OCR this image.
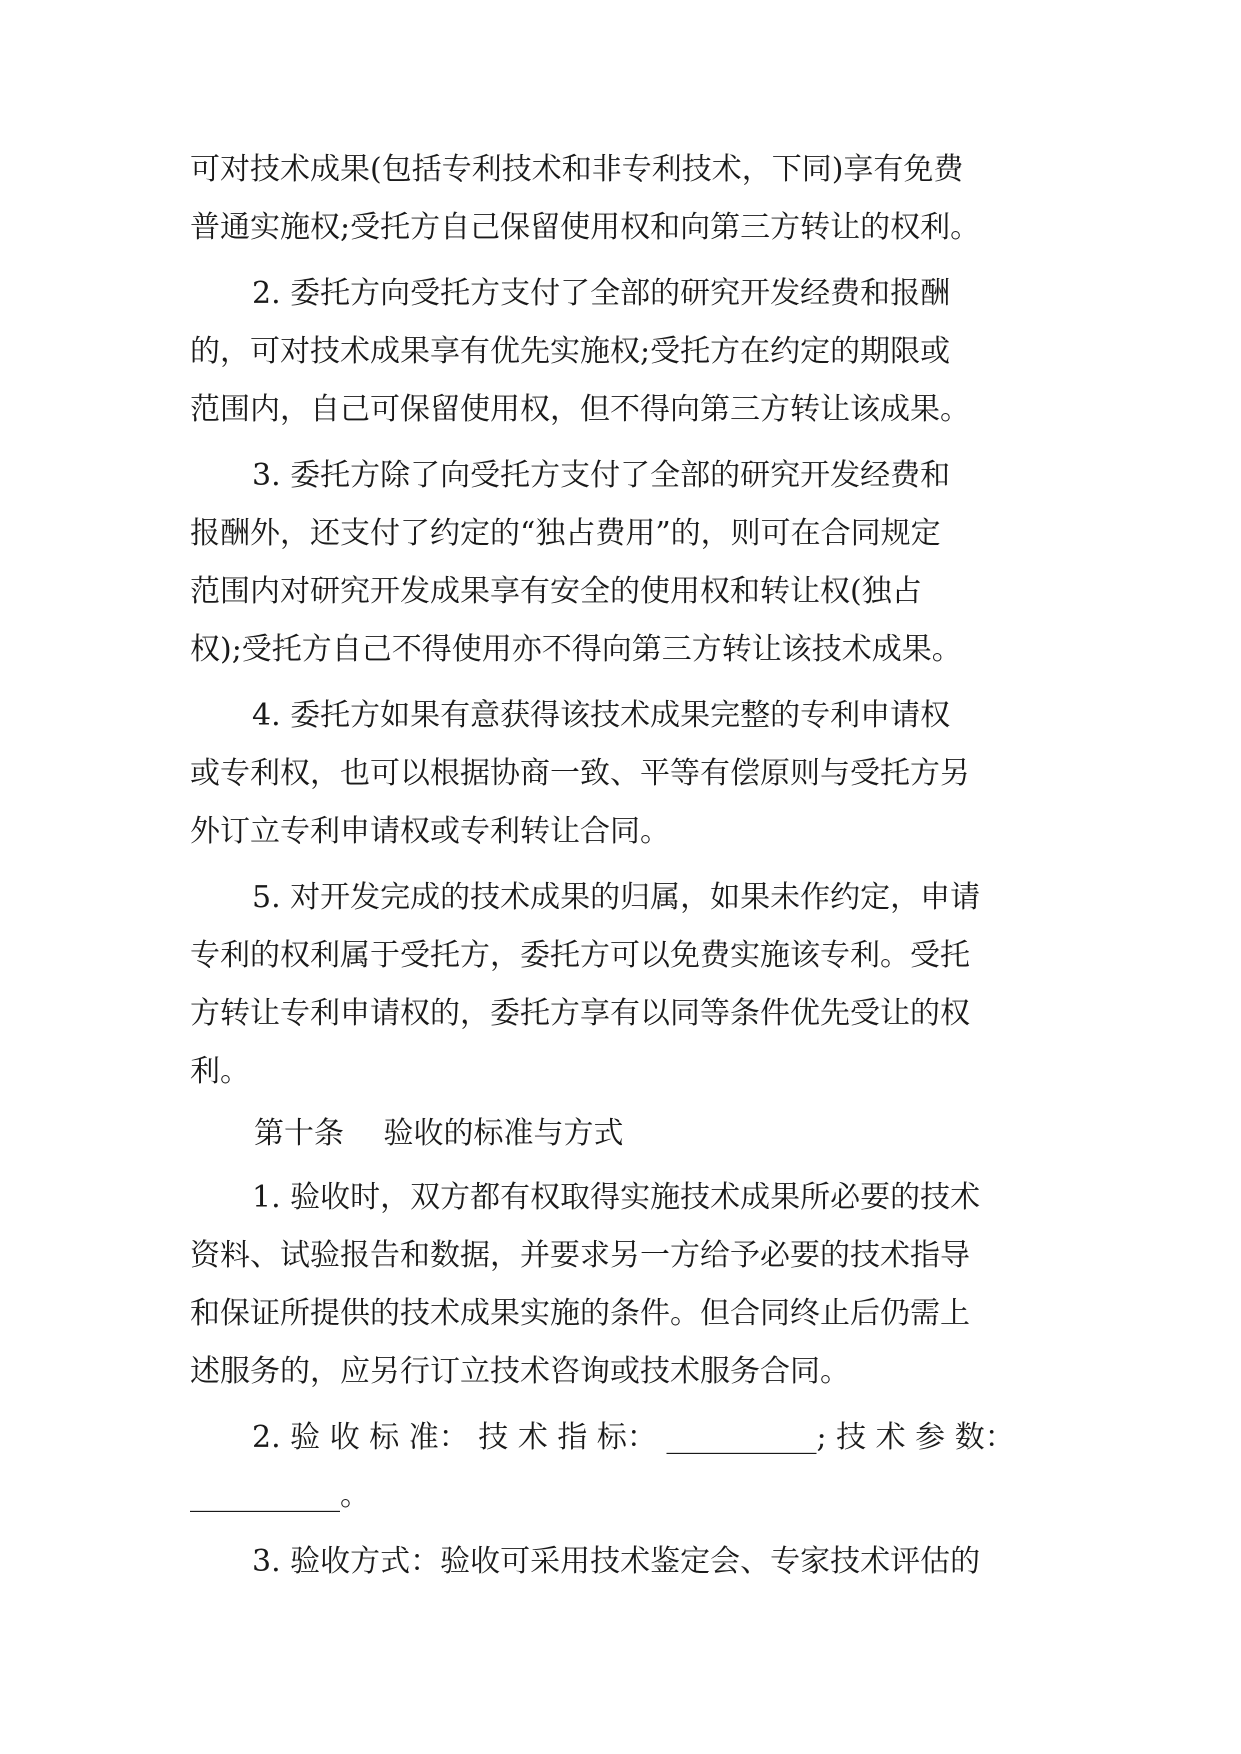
可对技术成果(包括专利技术和非专利技术，下同)享有免费
普通实施权;受托方自己保留使用权和向第三方转让的权利。
2. 委托方向受托方支付了全部的研究开发经费和报酬
的，可对技术成果享有优先实施权;受托方在约定的期限或
范围内，自己可保留使用权，但不得向第三方转让该成果。
3. 委托方除了向受托方支付了全部的研究开发经费和
报酬外，还支付了约定的“独占费用”的，则可在合同规定
范围内对研究开发成果享有安全的使用权和转让权(独占
权);受托方自己不得使用亦不得向第三方转让该技术成果。
4. 委托方如果有意获得该技术成果完整的专利申请权
或专利权，也可以根据协商一致、平等有偿原则与受托方另
外订立专利申请权或专利转让合同。
5. 对开发完成的技术成果的归属，如果未作约定，申请
专利的权利属于受托方，委托方可以免费实施该专利。受托
方转让专利申请权的，委托方享有以同等条件优先受让的权
利。
第十条　 验收的标准与方式
1. 验收时，双方都有权取得实施技术成果所必要的技术
资料、试验报告和数据，并要求另一方给予必要的技术指导
和保证所提供的技术成果实施的条件。但合同终止后仍需上
述服务的，应另行订立技术咨询或技术服务合同。
2. 验 收 标 准： 技 术 指 标： __________; 技 术 参 数：
__________。
3. 验收方式：验收可采用技术鉴定会、专家技术评估的
